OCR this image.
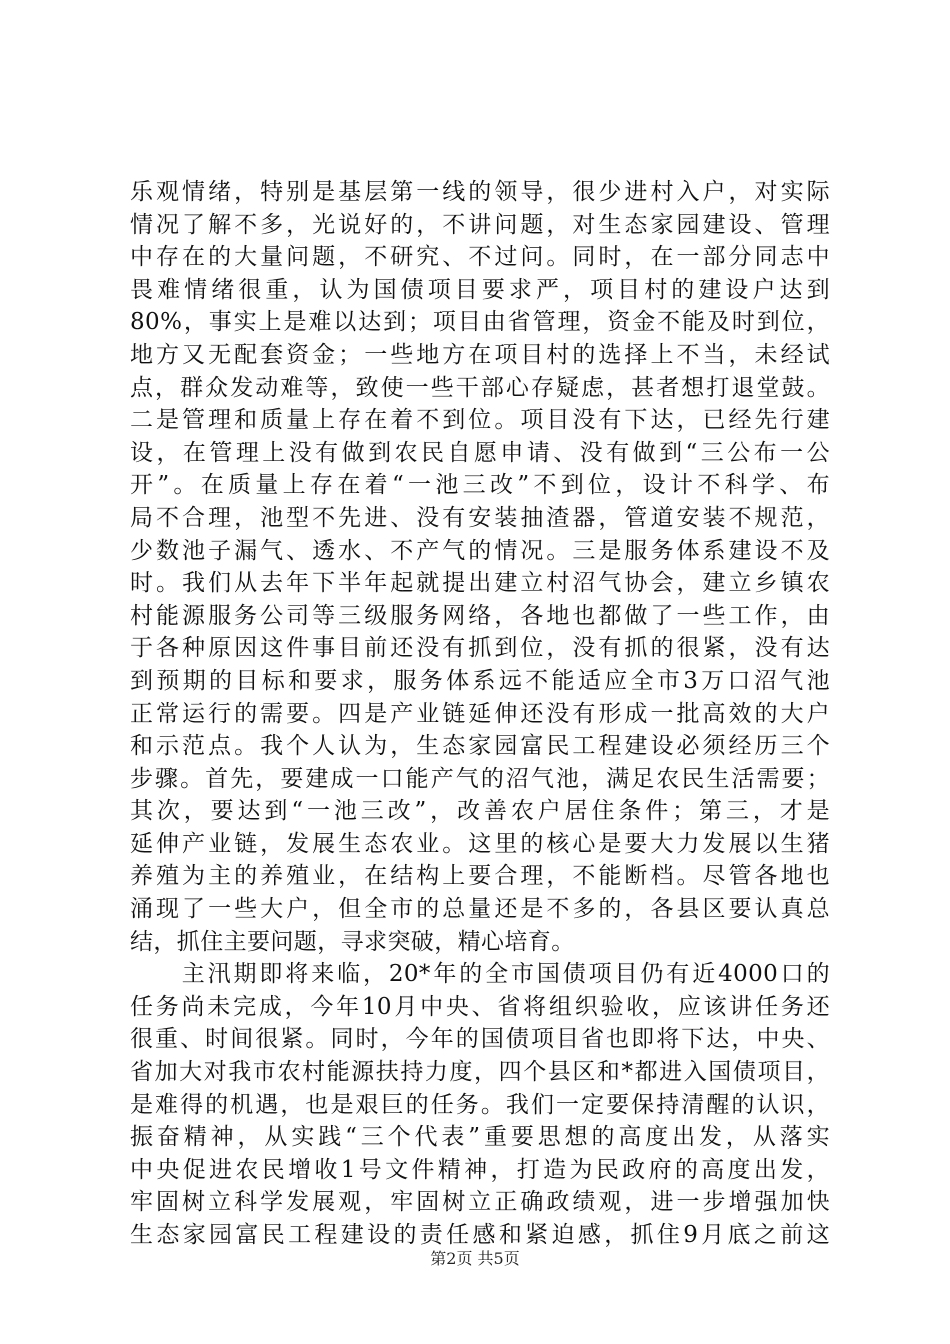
乐观情绪，特别是基层第一线的领导，很少进村入户，对实际
情况了解不多，光说好的，不讲问题，对生态家园建设、管理
中存在的大量问题，不研究、不过问。同时，在一部分同志中
畏难情绪很重，认为国债项目要求严，项目村的建设户达到
80%，事实上是难以达到；项目由省管理，资金不能及时到位，
地方又无配套资金；一些地方在项目村的选择上不当，未经试
点，群众发动难等，致使一些干部心存疑虑，甚者想打退堂鼓。
二是管理和质量上存在着不到位。项目没有下达，已经先行建
设，在管理上没有做到农民自愿申请、没有做到“三公布一公
开”。在质量上存在着“一池三改”不到位，设计不科学、布
局不合理，池型不先进、没有安装抽渣器，管道安装不规范，
少数池子漏气、透水、不产气的情况。三是服务体系建设不及
时。我们从去年下半年起就提出建立村沼气协会，建立乡镇农
村能源服务公司等三级服务网络，各地也都做了一些工作，由
于各种原因这件事目前还没有抓到位，没有抓的很紧，没有达
到预期的目标和要求，服务体系远不能适应全市3万口沼气池
正常运行的需要。四是产业链延伸还没有形成一批高效的大户
和示范点。我个人认为，生态家园富民工程建设必须经历三个
步骤。首先，要建成一口能产气的沼气池，满足农民生活需要；
其次，要达到“一池三改”，改善农户居住条件；第三，才是
延伸产业链，发展生态农业。这里的核心是要大力发展以生猪
养殖为主的养殖业，在结构上要合理，不能断档。尽管各地也
涌现了一些大户，但全市的总量还是不多的，各县区要认真总
结，抓住主要问题，寻求突破，精心培育。
　　主汛期即将来临，20*年的全市国债项目仍有近4000口的
任务尚未完成，今年10月中央、省将组织验收，应该讲任务还
很重、时间很紧。同时，今年的国债项目省也即将下达，中央、
省加大对我市农村能源扶持力度，四个县区和*都进入国债项目，
是难得的机遇，也是艰巨的任务。我们一定要保持清醒的认识，
振奋精神，从实践“三个代表”重要思想的高度出发，从落实
中央促进农民增收1号文件精神，打造为民政府的高度出发，
牢固树立科学发展观，牢固树立正确政绩观，进一步增强加快
生态家园富民工程建设的责任感和紧迫感，抓住9月底之前这
第2页 共5页
